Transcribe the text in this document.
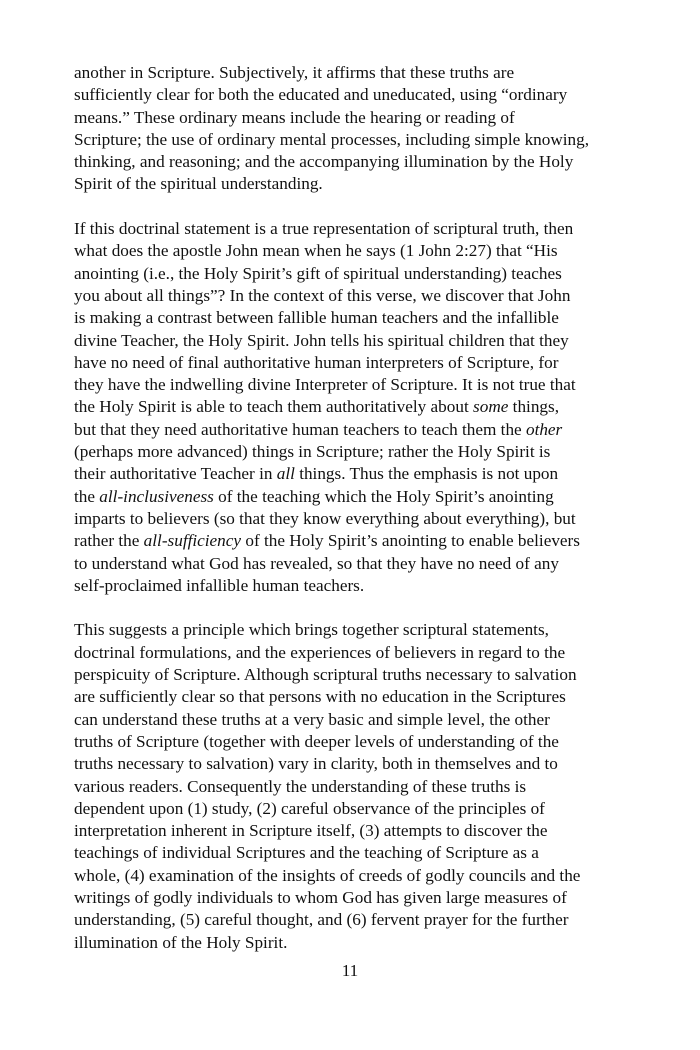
another in Scripture. Subjectively, it affirms that these truths are
sufficiently clear for both the educated and uneducated, using “ordinary
means.” These ordinary means include the hearing or reading of
Scripture; the use of ordinary mental processes, including simple knowing,
thinking, and reasoning; and the accompanying illumination by the Holy
Spirit of the spiritual understanding.

If this doctrinal statement is a true representation of scriptural truth, then
what does the apostle John mean when he says (1 John 2:27) that “His
anointing (i.e., the Holy Spirit’s gift of spiritual understanding) teaches
you about all things”? In the context of this verse, we discover that John
is making a contrast between fallible human teachers and the infallible
divine Teacher, the Holy Spirit. John tells his spiritual children that they
have no need of final authoritative human interpreters of Scripture, for
they have the indwelling divine Interpreter of Scripture. It is not true that
the Holy Spirit is able to teach them authoritatively about some things,
but that they need authoritative human teachers to teach them the other
(perhaps more advanced) things in Scripture; rather the Holy Spirit is
their authoritative Teacher in all things. Thus the emphasis is not upon
the all-inclusiveness of the teaching which the Holy Spirit’s anointing
imparts to believers (so that they know everything about everything), but
rather the all-sufficiency of the Holy Spirit’s anointing to enable believers
to understand what God has revealed, so that they have no need of any
self-proclaimed infallible human teachers.

This suggests a principle which brings together scriptural statements,
doctrinal formulations, and the experiences of believers in regard to the
perspicuity of Scripture. Although scriptural truths necessary to salvation
are sufficiently clear so that persons with no education in the Scriptures
can understand these truths at a very basic and simple level, the other
truths of Scripture (together with deeper levels of understanding of the
truths necessary to salvation) vary in clarity, both in themselves and to
various readers. Consequently the understanding of these truths is
dependent upon (1) study, (2) careful observance of the principles of
interpretation inherent in Scripture itself, (3) attempts to discover the
teachings of individual Scriptures and the teaching of Scripture as a
whole, (4) examination of the insights of creeds of godly councils and the
writings of godly individuals to whom God has given large measures of
understanding, (5) careful thought, and (6) fervent prayer for the further
illumination of the Holy Spirit.

11
